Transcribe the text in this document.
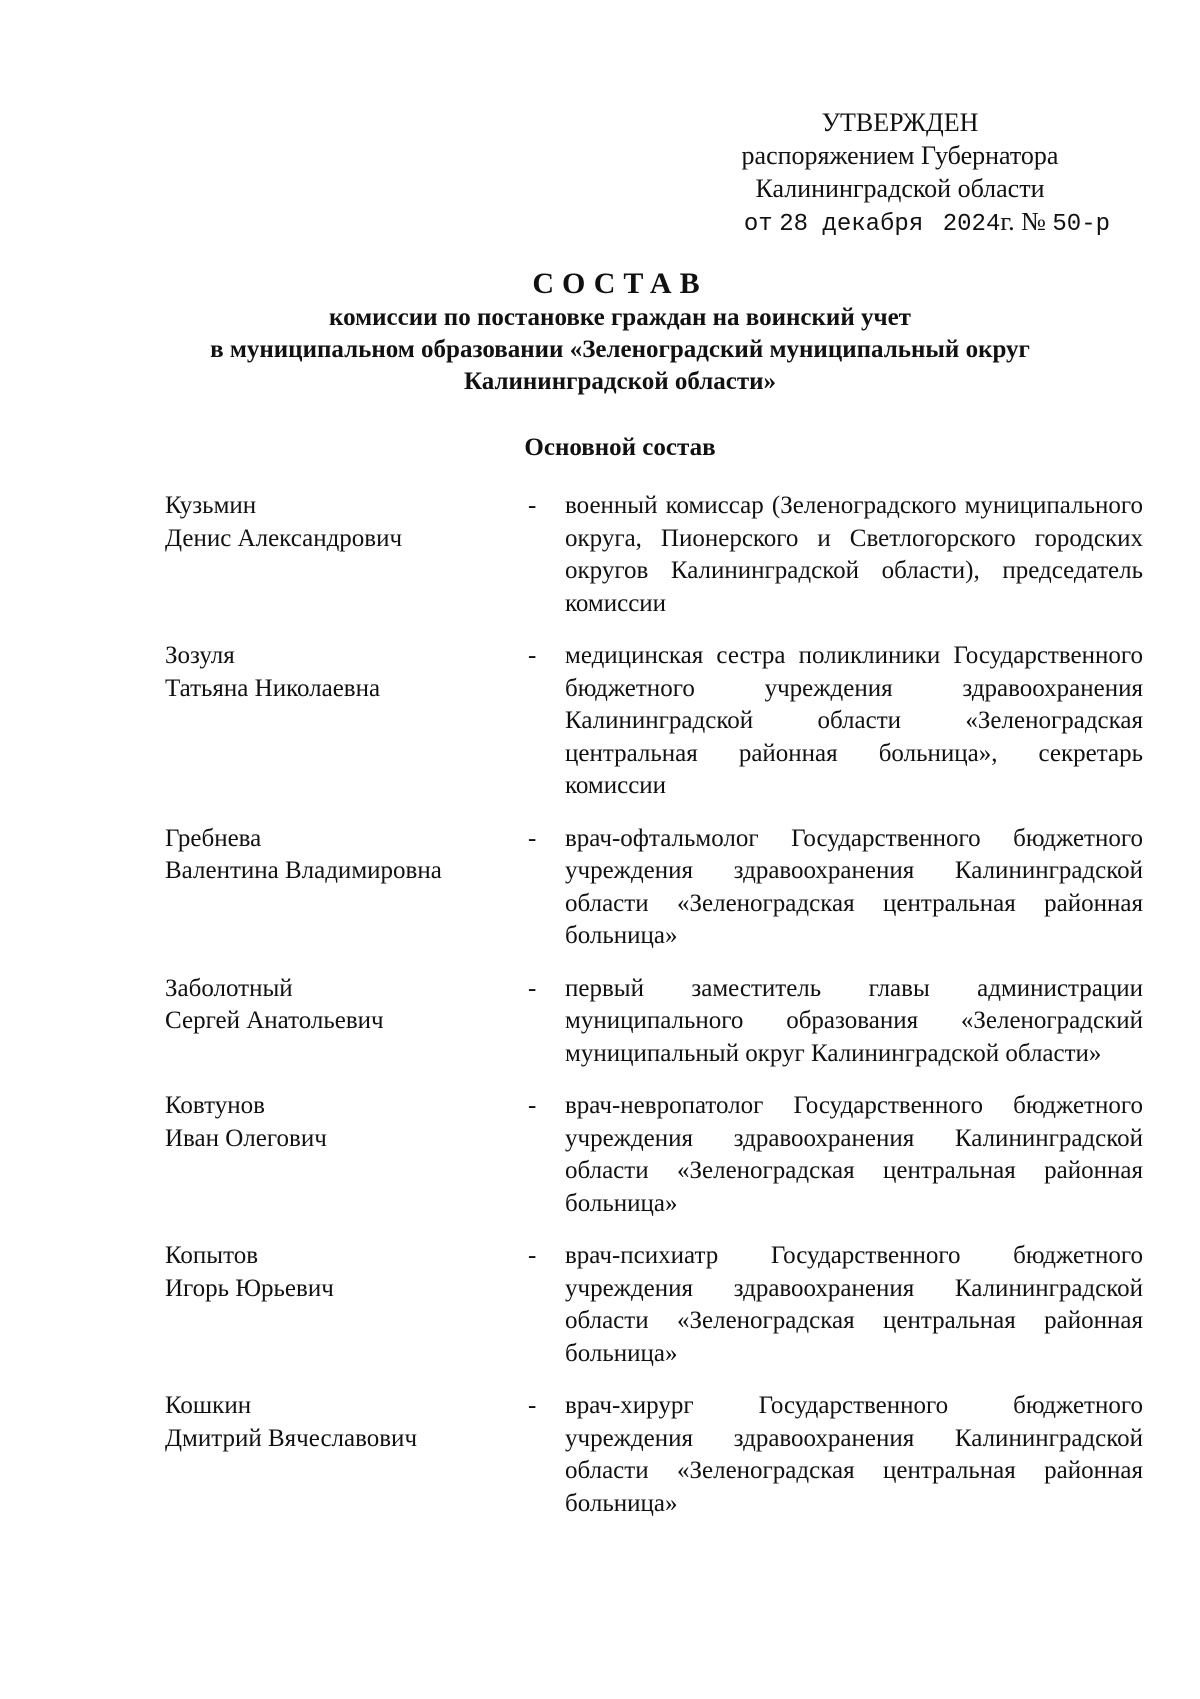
УТВЕРЖДЕН
распоряжением Губернатора
Калининградской области
от 28 декабря 2024г. № 50-р
СОСТАВ
комиссии по постановке граждан на воинский учет
в муниципальном образовании «Зеленоградский муниципальный округ
Калининградской области»
Основной состав
Кузьмин
Денис Александрович
-	военный комиссар (Зеленоградского муниципального округа, Пионерского и Светлогорского городских округов Калининградской области), председатель комиссии
Зозуля
Татьяна Николаевна
-	медицинская сестра поликлиники Государственного бюджетного учреждения здравоохранения Калининградской области «Зеленоградская центральная районная больница», секретарь комиссии
Гребнева
Валентина Владимировна
-	врач-офтальмолог Государственного бюджетного учреждения здравоохранения Калининградской области «Зеленоградская центральная районная больница»
Заболотный
Сергей Анатольевич
-	первый заместитель главы администрации муниципального образования «Зеленоградский муниципальный округ Калининградской области»
Ковтунов
Иван Олегович
-	врач-невропатолог Государственного бюджетного учреждения здравоохранения Калининградской области «Зеленоградская центральная районная больница»
Копытов
Игорь Юрьевич
-	врач-психиатр Государственного бюджетного учреждения здравоохранения Калининградской области «Зеленоградская центральная районная больница»
Кошкин
Дмитрий Вячеславович
-	врач-хирург Государственного бюджетного учреждения здравоохранения Калининградской области «Зеленоградская центральная районная больница»
